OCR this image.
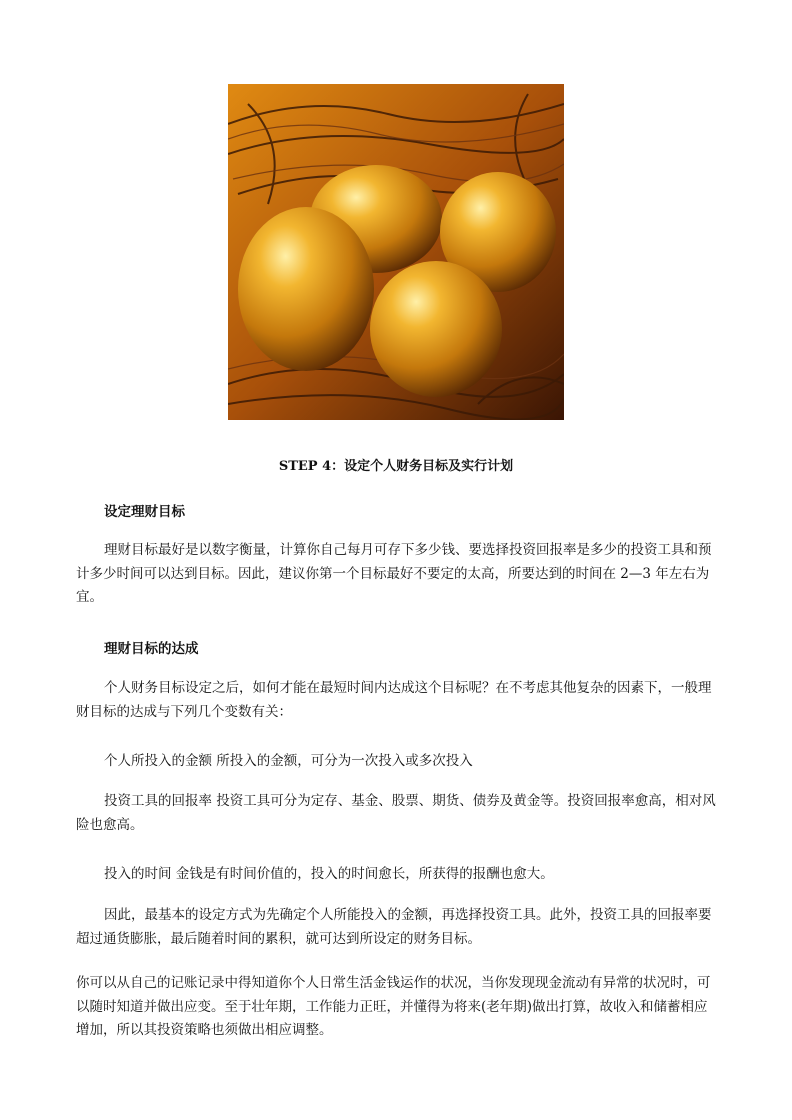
STEP 4：设定个人财务目标及实行计划
设定理财目标
理财目标最好是以数字衡量，计算你自己每月可存下多少钱、要选择投资回报率是多少的投资工具和预计多少时间可以达到目标。因此，建议你第一个目标最好不要定的太高，所要达到的时间在 2—3 年左右为宜。
理财目标的达成
个人财务目标设定之后，如何才能在最短时间内达成这个目标呢？在不考虑其他复杂的因素下，一般理财目标的达成与下列几个变数有关：
个人所投入的金额 所投入的金额，可分为一次投入或多次投入
投资工具的回报率 投资工具可分为定存、基金、股票、期货、债券及黄金等。投资回报率愈高，相对风险也愈高。
投入的时间 金钱是有时间价值的，投入的时间愈长，所获得的报酬也愈大。
因此，最基本的设定方式为先确定个人所能投入的金额，再选择投资工具。此外，投资工具的回报率要超过通货膨胀，最后随着时间的累积，就可达到所设定的财务目标。
你可以从自己的记账记录中得知道你个人日常生活金钱运作的状况，当你发现现金流动有异常的状况时，可以随时知道并做出应变。至于壮年期，工作能力正旺，并懂得为将来(老年期)做出打算，故收入和储蓄相应增加，所以其投资策略也须做出相应调整。
